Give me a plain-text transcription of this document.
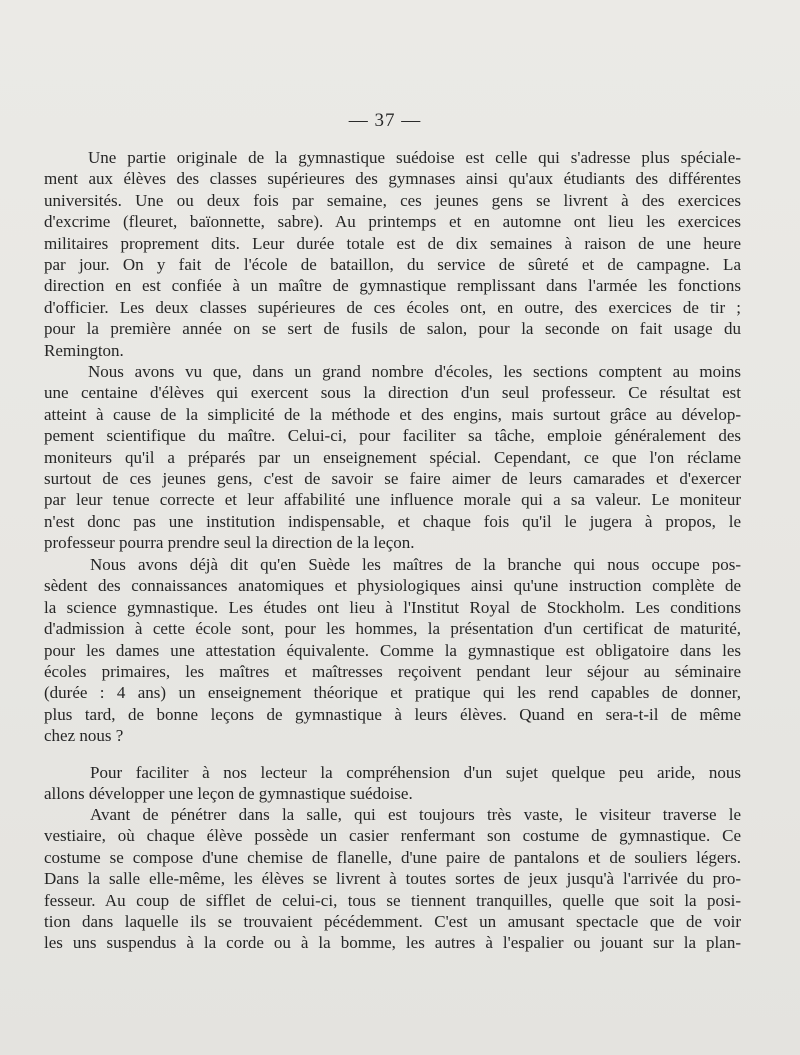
— 37 —
Une partie originale de la gymnastique suédoise est celle qui s'adresse plus spéciale-
ment aux élèves des classes supérieures des gymnases ainsi qu'aux étudiants des différentes
universités. Une ou deux fois par semaine, ces jeunes gens se livrent à des exercices
d'excrime (fleuret, baïonnette, sabre). Au printemps et en automne ont lieu les exercices
militaires proprement dits. Leur durée totale est de dix semaines à raison de une heure
par jour. On y fait de l'école de bataillon, du service de sûreté et de campagne. La
direction en est confiée à un maître de gymnastique remplissant dans l'armée les fonctions
d'officier. Les deux classes supérieures de ces écoles ont, en outre, des exercices de tir ;
pour la première année on se sert de fusils de salon, pour la seconde on fait usage du
Remington.
Nous avons vu que, dans un grand nombre d'écoles, les sections comptent au moins
une centaine d'élèves qui exercent sous la direction d'un seul professeur. Ce résultat est
atteint à cause de la simplicité de la méthode et des engins, mais surtout grâce au dévelop-
pement scientifique du maître. Celui-ci, pour faciliter sa tâche, emploie généralement des
moniteurs qu'il a préparés par un enseignement spécial. Cependant, ce que l'on réclame
surtout de ces jeunes gens, c'est de savoir se faire aimer de leurs camarades et d'exercer
par leur tenue correcte et leur affabilité une influence morale qui a sa valeur. Le moniteur
n'est donc pas une institution indispensable, et chaque fois qu'il le jugera à propos, le
professeur pourra prendre seul la direction de la leçon.
Nous avons déjà dit qu'en Suède les maîtres de la branche qui nous occupe pos-
sèdent des connaissances anatomiques et physiologiques ainsi qu'une instruction complète de
la science gymnastique. Les études ont lieu à l'Institut Royal de Stockholm. Les conditions
d'admission à cette école sont, pour les hommes, la présentation d'un certificat de maturité,
pour les dames une attestation équivalente. Comme la gymnastique est obligatoire dans les
écoles primaires, les maîtres et maîtresses reçoivent pendant leur séjour au séminaire
(durée : 4 ans) un enseignement théorique et pratique qui les rend capables de donner,
plus tard, de bonne leçons de gymnastique à leurs élèves. Quand en sera-t-il de même
chez nous ?
Pour faciliter à nos lecteur la compréhension d'un sujet quelque peu aride, nous
allons développer une leçon de gymnastique suédoise.
Avant de pénétrer dans la salle, qui est toujours très vaste, le visiteur traverse le
vestiaire, où chaque élève possède un casier renfermant son costume de gymnastique. Ce
costume se compose d'une chemise de flanelle, d'une paire de pantalons et de souliers légers.
Dans la salle elle-même, les élèves se livrent à toutes sortes de jeux jusqu'à l'arrivée du pro-
fesseur. Au coup de sifflet de celui-ci, tous se tiennent tranquilles, quelle que soit la posi-
tion dans laquelle ils se trouvaient pécédemment. C'est un amusant spectacle que de voir
les uns suspendus à la corde ou à la bomme, les autres à l'espalier ou jouant sur la plan-
